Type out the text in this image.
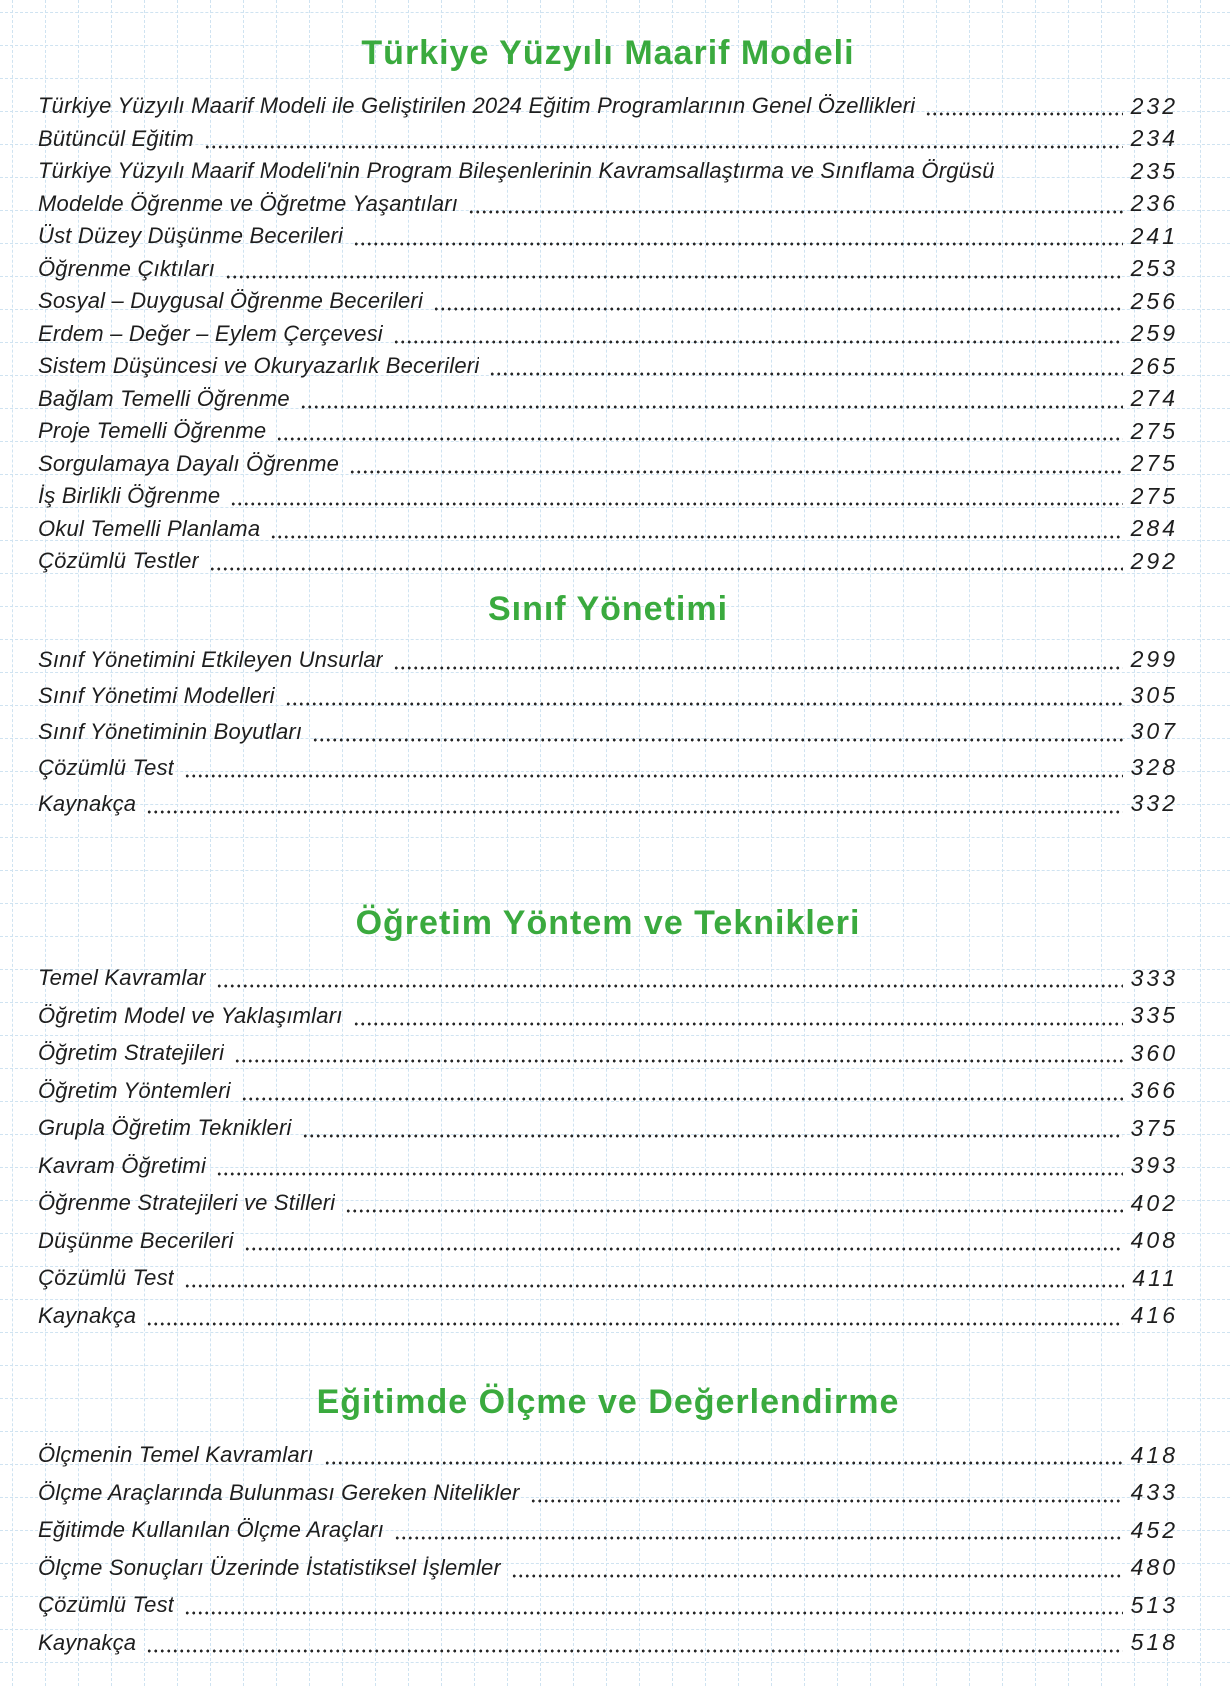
Türkiye Yüzyılı Maarif Modeli
Türkiye Yüzyılı Maarif Modeli ile Geliştirilen 2024 Eğitim Programlarının Genel Özellikleri	232
Bütüncül Eğitim	234
Türkiye Yüzyılı Maarif Modeli'nin Program Bileşenlerinin Kavramsallaştırma ve Sınıflama Örgüsü	235
Modelde Öğrenme ve Öğretme Yaşantıları	236
Üst Düzey Düşünme Becerileri	241
Öğrenme Çıktıları	253
Sosyal – Duygusal Öğrenme Becerileri	256
Erdem – Değer – Eylem Çerçevesi	259
Sistem Düşüncesi ve Okuryazarlık Becerileri	265
Bağlam Temelli Öğrenme	274
Proje Temelli Öğrenme	275
Sorgulamaya Dayalı Öğrenme	275
İş Birlikli Öğrenme	275
Okul Temelli Planlama	284
Çözümlü Testler	292
Sınıf Yönetimi
Sınıf Yönetimini Etkileyen Unsurlar	299
Sınıf Yönetimi Modelleri	305
Sınıf Yönetiminin Boyutları	307
Çözümlü Test	328
Kaynakça	332
Öğretim Yöntem ve Teknikleri
Temel Kavramlar	333
Öğretim Model ve Yaklaşımları	335
Öğretim Stratejileri	360
Öğretim Yöntemleri	366
Grupla Öğretim Teknikleri	375
Kavram Öğretimi	393
Öğrenme Stratejileri ve Stilleri	402
Düşünme Becerileri	408
Çözümlü Test	411
Kaynakça	416
Eğitimde Ölçme ve Değerlendirme
Ölçmenin Temel Kavramları	418
Ölçme Araçlarında Bulunması Gereken Nitelikler	433
Eğitimde Kullanılan Ölçme Araçları	452
Ölçme Sonuçları Üzerinde İstatistiksel İşlemler	480
Çözümlü Test	513
Kaynakça	518
